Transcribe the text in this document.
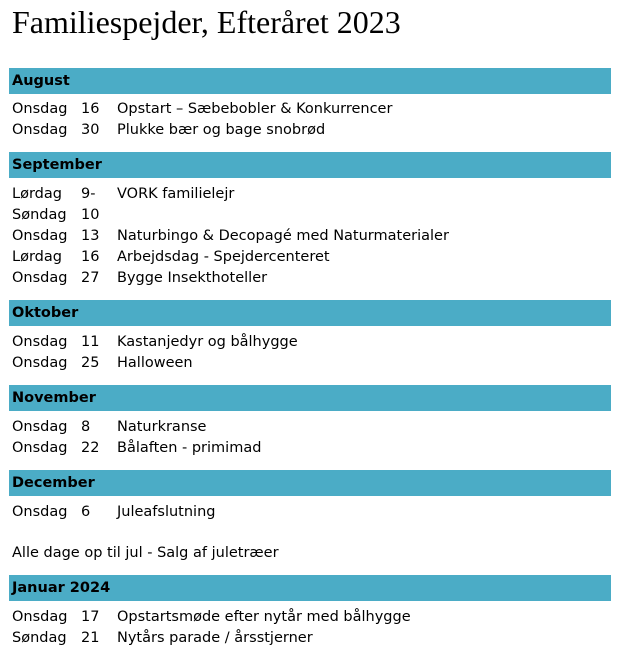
Familiespejder, Efteråret 2023
August
Onsdag 16 Opstart – Sæbebobler & Konkurrencer
Onsdag 30 Plukke bær og bage snobrød
September
Lørdag 9- VORK familielejr
Søndag 10
Onsdag 13 Naturbingo & Decopagé med Naturmaterialer
Lørdag 16 Arbejdsdag - Spejdercenteret
Onsdag 27 Bygge Insekthoteller
Oktober
Onsdag 11 Kastanjedyr og bålhygge
Onsdag 25 Halloween
November
Onsdag 8 Naturkranse
Onsdag 22 Bålaften - primimad
December
Onsdag 6 Juleafslutning
Alle dage op til jul - Salg af juletræer
Januar 2024
Onsdag 17 Opstartsmøde efter nytår med bålhygge
Søndag 21 Nytårs parade / årsstjerner
